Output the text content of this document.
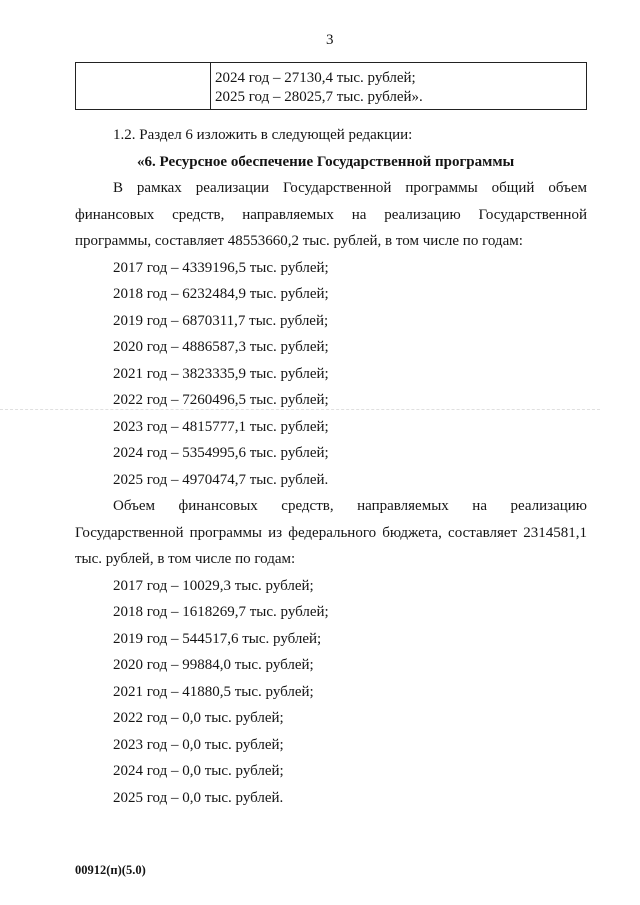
3
2024 год – 27130,4 тыс. рублей;
2025 год – 28025,7 тыс. рублей».
1.2. Раздел 6 изложить в следующей редакции:
«6. Ресурсное обеспечение Государственной программы
В рамках реализации Государственной программы общий объем
финансовых средств, направляемых на реализацию Государственной
программы, составляет 48553660,2 тыс. рублей, в том числе по годам:
2017 год – 4339196,5 тыс. рублей;
2018 год – 6232484,9 тыс. рублей;
2019 год – 6870311,7 тыс. рублей;
2020 год – 4886587,3 тыс. рублей;
2021 год – 3823335,9 тыс. рублей;
2022 год – 7260496,5 тыс. рублей;
2023 год – 4815777,1 тыс. рублей;
2024 год – 5354995,6 тыс. рублей;
2025 год – 4970474,7 тыс. рублей.
Объем финансовых средств, направляемых на реализацию
Государственной программы из федерального бюджета, составляет 2314581,1
тыс. рублей, в том числе по годам:
2017 год – 10029,3 тыс. рублей;
2018 год – 1618269,7 тыс. рублей;
2019 год – 544517,6 тыс. рублей;
2020 год – 99884,0 тыс. рублей;
2021 год – 41880,5 тыс. рублей;
2022 год – 0,0 тыс. рублей;
2023 год – 0,0 тыс. рублей;
2024 год – 0,0 тыс. рублей;
2025 год – 0,0 тыс. рублей.
00912(п)(5.0)
